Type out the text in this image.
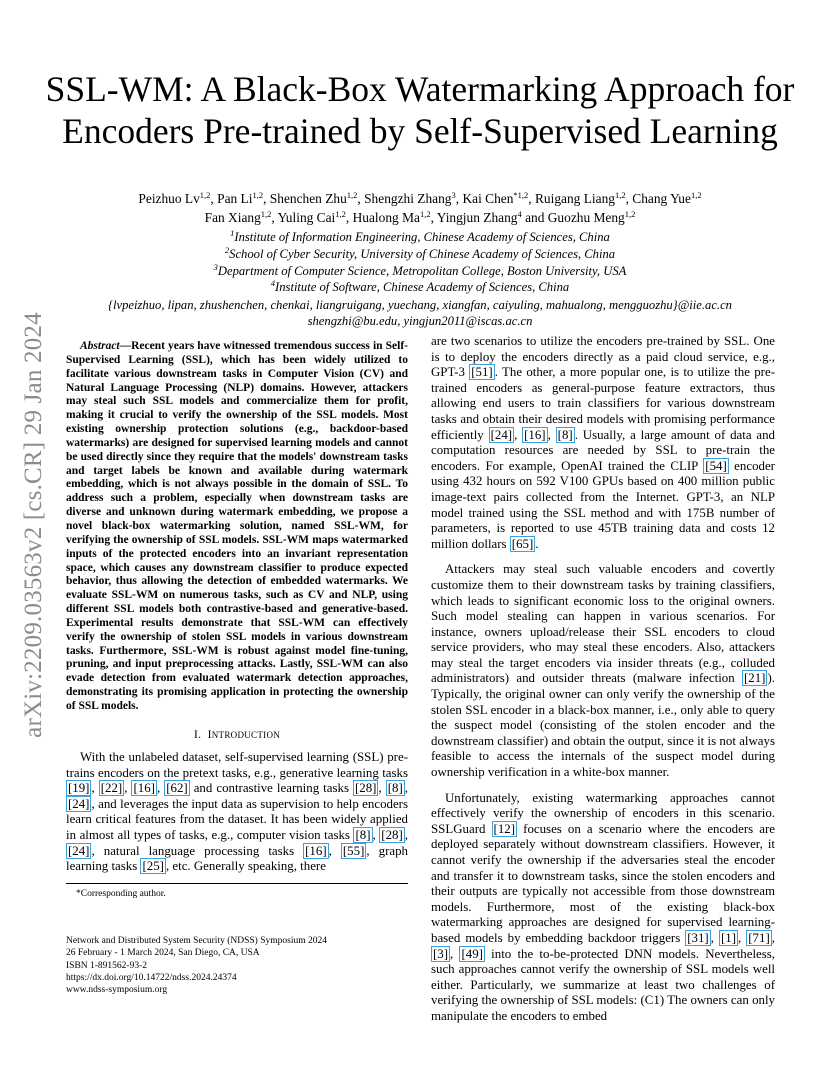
arXiv:2209.03563v2 [cs.CR] 29 Jan 2024
SSL-WM: A Black-Box Watermarking Approach for
Encoders Pre-trained by Self-Supervised Learning
Peizhuo Lv$^{1,2}$, Pan Li$^{1,2}$, Shenchen Zhu$^{1,2}$, Shengzhi Zhang$^3$, Kai Chen$^{*1,2}$, Ruigang Liang$^{1,2}$, Chang Yue$^{1,2}$
Fan Xiang$^{1,2}$, Yuling Cai$^{1,2}$, Hualong Ma$^{1,2}$, Yingjun Zhang$^4$ and Guozhu Meng$^{1,2}$
$^1$Institute of Information Engineering, Chinese Academy of Sciences, China
$^2$School of Cyber Security, University of Chinese Academy of Sciences, China
$^3$Department of Computer Science, Metropolitan College, Boston University, USA
$^4$Institute of Software, Chinese Academy of Sciences, China
{lvpeizhuo, lipan, zhushenchen, chenkai, liangruigang, yuechang, xiangfan, caiyuling, mahualong, mengguozhu}@iie.ac.cn
shengzhi@bu.edu, yingjun2011@iscas.ac.cn

Abstract—Recent years have witnessed tremendous success in Self-Supervised Learning (SSL), which has been widely utilized to facilitate various downstream tasks in Computer Vision (CV) and Natural Language Processing (NLP) domains. However, attackers may steal such SSL models and commercialize them for profit, making it crucial to verify the ownership of the SSL models. Most existing ownership protection solutions (e.g., backdoor-based watermarks) are designed for supervised learning models and cannot be used directly since they require that the models' downstream tasks and target labels be known and available during watermark embedding, which is not always possible in the domain of SSL. To address such a problem, especially when downstream tasks are diverse and unknown during watermark embedding, we propose a novel black-box watermarking solution, named SSL-WM, for verifying the ownership of SSL models. SSL-WM maps watermarked inputs of the protected encoders into an invariant representation space, which causes any downstream classifier to produce expected behavior, thus allowing the detection of embedded watermarks. We evaluate SSL-WM on numerous tasks, such as CV and NLP, using different SSL models both contrastive-based and generative-based. Experimental results demonstrate that SSL-WM can effectively verify the ownership of stolen SSL models in various downstream tasks. Furthermore, SSL-WM is robust against model fine-tuning, pruning, and input preprocessing attacks. Lastly, SSL-WM can also evade detection from evaluated watermark detection approaches, demonstrating its promising application in protecting the ownership of SSL models.

I. INTRODUCTION

With the unlabeled dataset, self-supervised learning (SSL) pre-trains encoders on the pretext tasks, e.g., generative learning tasks [19] , [22] , [16] , [62] and contrastive learning tasks [28] , [8] , [24] , and leverages the input data as supervision to help encoders learn critical features from the dataset. It has been widely applied in almost all types of tasks, e.g., computer vision tasks [8] , [28] , [24] , natural language processing tasks [16] , [55] , graph learning tasks [25] , etc. Generally speaking, there

are two scenarios to utilize the encoders pre-trained by SSL. One is to deploy the encoders directly as a paid cloud service, e.g., GPT-3 [51] . The other, a more popular one, is to utilize the pre-trained encoders as general-purpose feature extractors, thus allowing end users to train classifiers for various downstream tasks and obtain their desired models with promising performance efficiently [24] , [16] , [8] . Usually, a large amount of data and computation resources are needed by SSL to pre-train the encoders. For example, OpenAI trained the CLIP [54] encoder using 432 hours on 592 V100 GPUs based on 400 million public image-text pairs collected from the Internet. GPT-3, an NLP model trained using the SSL method and with 175B number of parameters, is reported to use 45TB training data and costs 12 million dollars [65] .

Attackers may steal such valuable encoders and covertly customize them to their downstream tasks by training classifiers, which leads to significant economic loss to the original owners. Such model stealing can happen in various scenarios. For instance, owners upload/release their SSL encoders to cloud service providers, who may steal these encoders. Also, attackers may steal the target encoders via insider threats (e.g., colluded administrators) and outsider threats (malware infection [21] ). Typically, the original owner can only verify the ownership of the stolen SSL encoder in a black-box manner, i.e., only able to query the suspect model (consisting of the stolen encoder and the downstream classifier) and obtain the output, since it is not always feasible to access the internals of the suspect model during ownership verification in a white-box manner.

Unfortunately, existing watermarking approaches cannot effectively verify the ownership of encoders in this scenario. SSLGuard [12] focuses on a scenario where the encoders are deployed separately without downstream classifiers. However, it cannot verify the ownership if the adversaries steal the encoder and transfer it to downstream tasks, since the stolen encoders and their outputs are typically not accessible from those downstream models. Furthermore, most of the existing black-box watermarking approaches are designed for supervised learning-based models by embedding backdoor triggers [31] , [1] , [71] , [3] , [49] into the to-be-protected DNN models. Nevertheless, such approaches cannot verify the ownership of SSL models well either. Particularly, we summarize at least two challenges of verifying the ownership of SSL models: (C1) The owners can only manipulate the encoders to embed

*Corresponding author.
Network and Distributed System Security (NDSS) Symposium 2024
26 February - 1 March 2024, San Diego, CA, USA
ISBN 1-891562-93-2
https://dx.doi.org/10.14722/ndss.2024.24374
www.ndss-symposium.org
